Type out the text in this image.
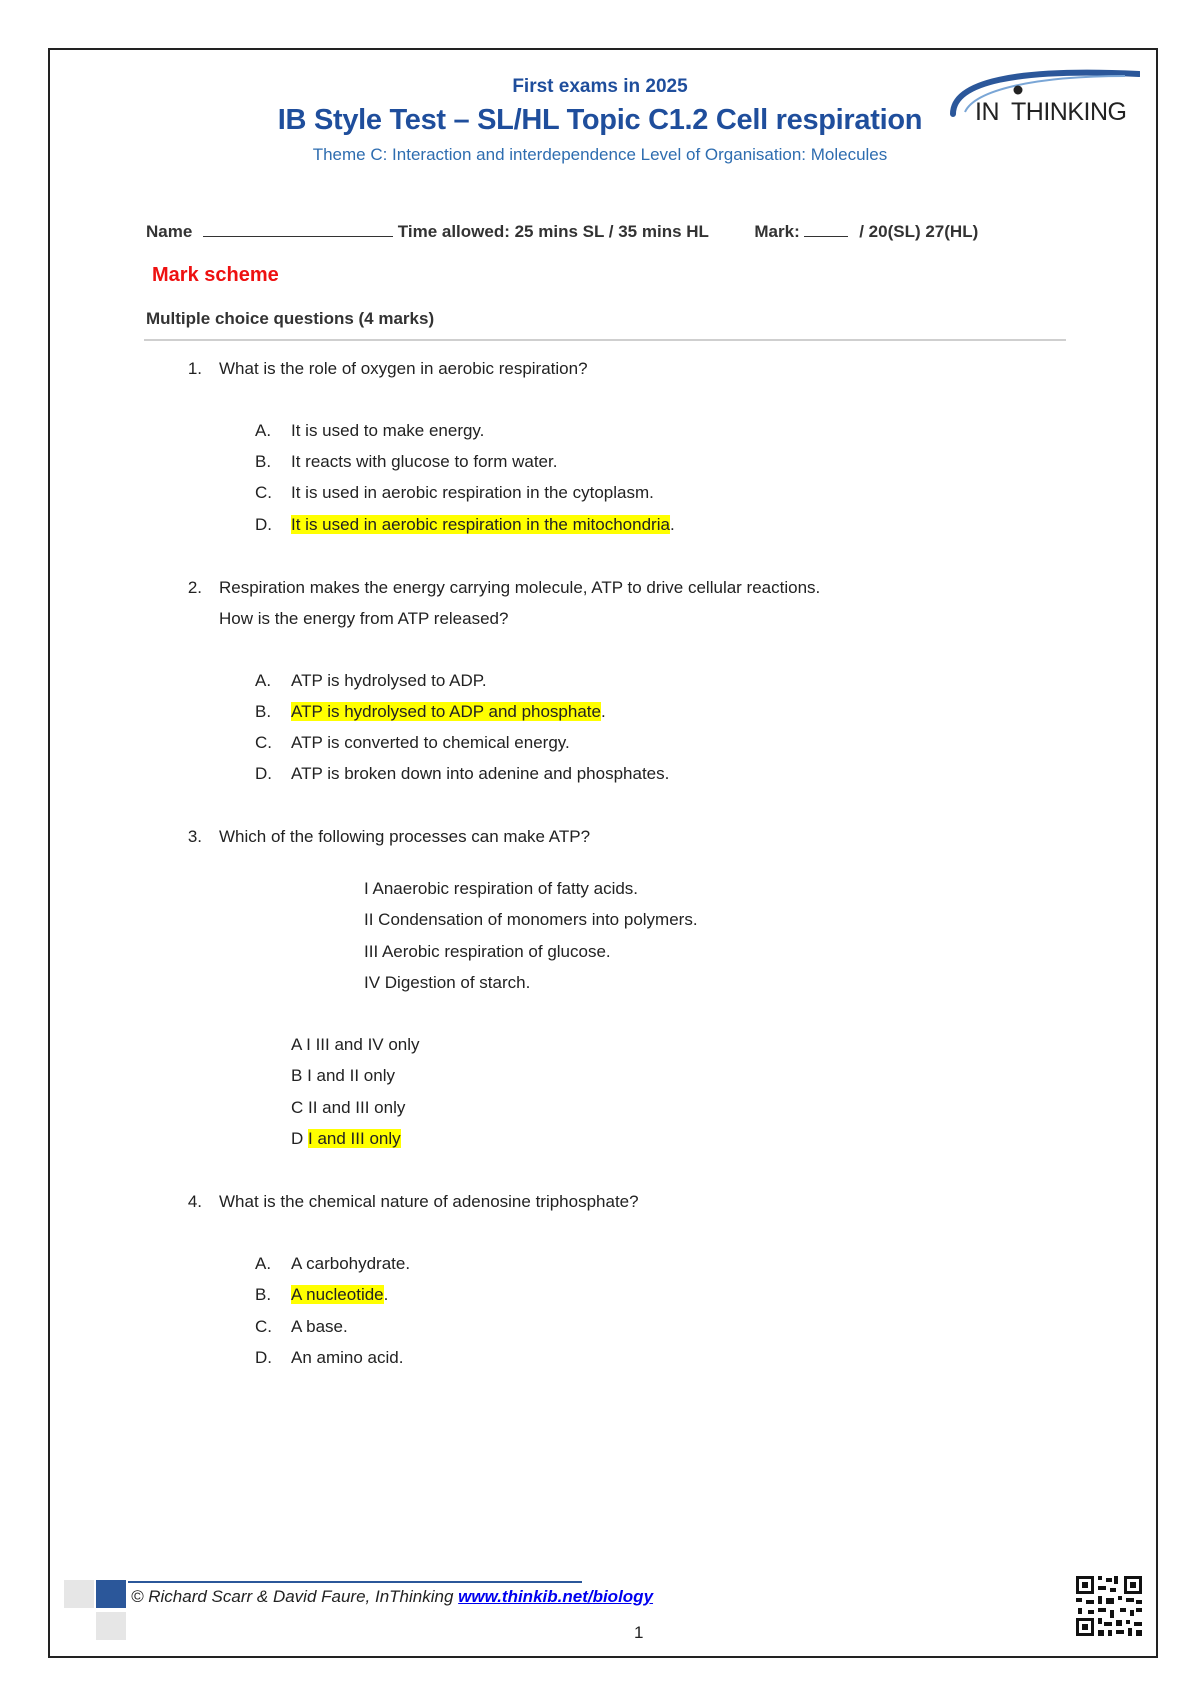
First exams in 2025
IB Style Test – SL/HL Topic C1.2 Cell respiration
Theme C: Interaction and interdependence Level of Organisation: Molecules
IN THINKING
Name	Time allowed: 25 mins SL / 35 mins HL	Mark:	/ 20(SL) 27(HL)
Mark scheme
Multiple choice questions (4 marks)
1. What is the role of oxygen in aerobic respiration?
A. It is used to make energy.
B. It reacts with glucose to form water.
C. It is used in aerobic respiration in the cytoplasm.
D. It is used in aerobic respiration in the mitochondria.
2. Respiration makes the energy carrying molecule, ATP to drive cellular reactions.
How is the energy from ATP released?
A. ATP is hydrolysed to ADP.
B. ATP is hydrolysed to ADP and phosphate.
C. ATP is converted to chemical energy.
D. ATP is broken down into adenine and phosphates.
3. Which of the following processes can make ATP?
I Anaerobic respiration of fatty acids.
II Condensation of monomers into polymers.
III Aerobic respiration of glucose.
IV Digestion of starch.
A I III and IV only
B I and II only
C II and III only
D I and III only
4. What is the chemical nature of adenosine triphosphate?
A. A carbohydrate.
B. A nucleotide.
C. A base.
D. An amino acid.
© Richard Scarr & David Faure, InThinking www.thinkib.net/biology
1
